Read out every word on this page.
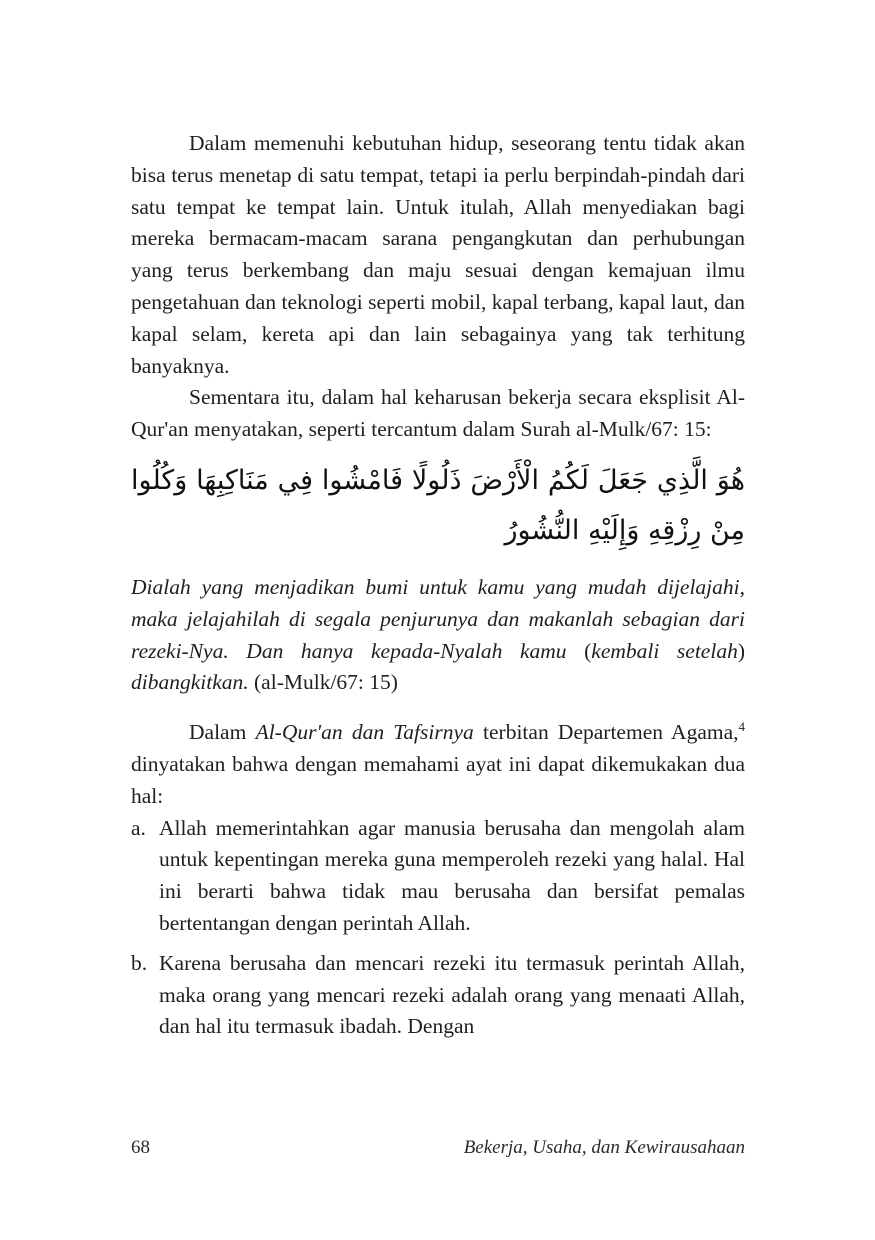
Dalam memenuhi kebutuhan hidup, seseorang tentu tidak akan bisa terus menetap di satu tempat, tetapi ia perlu berpindah-pindah dari satu tempat ke tempat lain. Untuk itulah, Allah menyediakan bagi mereka bermacam-macam sarana pengangkutan dan perhubungan yang terus berkembang dan maju sesuai dengan kemajuan ilmu pengetahuan dan teknologi seperti mobil, kapal terbang, kapal laut, dan kapal selam, kereta api dan lain sebagainya yang tak terhitung banyaknya.

Sementara itu, dalam hal keharusan bekerja secara eksplisit Al-Qur'an menyatakan, seperti tercantum dalam Surah al-Mulk/67: 15:

هُوَ الَّذِي جَعَلَ لَكُمُ الْأَرْضَ ذَلُولًا فَامْشُوا فِي مَنَاكِبِهَا وَكُلُوا مِنْ رِزْقِهِ وَإِلَيْهِ النُّشُورُ

Dialah yang menjadikan bumi untuk kamu yang mudah dijelajahi, maka jelajahilah di segala penjurunya dan makanlah sebagian dari rezeki-Nya. Dan hanya kepada-Nyalah kamu (kembali setelah) dibangkitkan. (al-Mulk/67: 15)

Dalam Al-Qur'an dan Tafsirnya terbitan Departemen Agama,$^4$ dinyatakan bahwa dengan memahami ayat ini dapat dikemukakan dua hal:

a. Allah memerintahkan agar manusia berusaha dan mengolah alam untuk kepentingan mereka guna memperoleh rezeki yang halal. Hal ini berarti bahwa tidak mau berusaha dan bersifat pemalas bertentangan dengan perintah Allah.
b. Karena berusaha dan mencari rezeki itu termasuk perintah Allah, maka orang yang mencari rezeki adalah orang yang menaati Allah, dan hal itu termasuk ibadah. Dengan
68	Bekerja, Usaha, dan Kewirausahaan
